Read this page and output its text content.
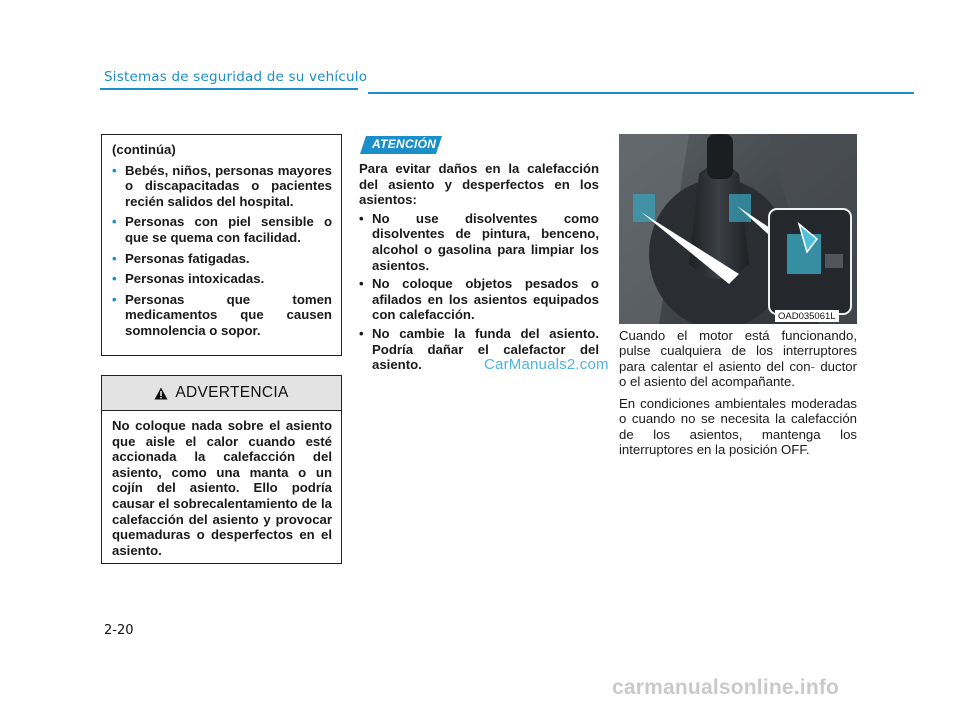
Sistemas de seguridad de su vehículo
(continúa)
• Bebés, niños, personas mayores o discapacitadas o pacientes recién salidos del hospital.
• Personas con piel sensible o que se quema con facilidad.
• Personas fatigadas.
• Personas intoxicadas.
• Personas que tomen medicamentos que causen somnolencia o sopor.
ADVERTENCIA
No coloque nada sobre el asiento que aisle el calor cuando esté accionada la calefacción del asiento, como una manta o un cojín del asiento. Ello podría causar el sobrecalentamiento de la calefacción del asiento y provocar quemaduras o desperfectos en el asiento.
ATENCIÓN
Para evitar daños en la calefacción del asiento y desperfectos en los asientos:
• No use disolventes como disolventes de pintura, benceno, alcohol o gasolina para limpiar los asientos.
• No coloque objetos pesados o afilados en los asientos equipados con calefacción.
• No cambie la funda del asiento. Podría dañar el calefactor del asiento.	CarManuals2.com
OAD035061L

Cuando el motor está funcionando, pulse cualquiera de los interruptores para calentar el asiento del con- ductor o el asiento del acompañante.

En condiciones ambientales moderadas o cuando no se necesita la calefacción de los asientos, mantenga los interruptores en la posición OFF.

2-20
carmanualsonline.info
